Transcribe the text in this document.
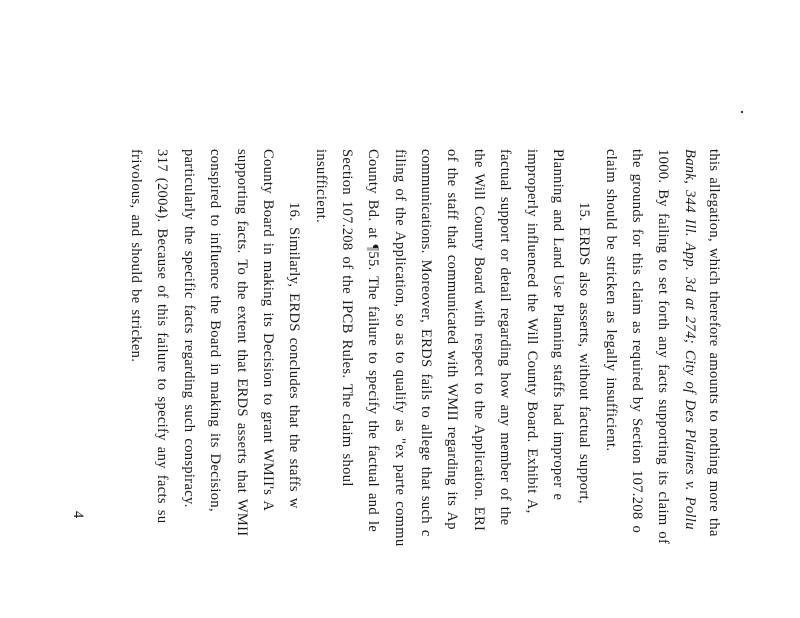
this allegation, which therefore amounts to nothing more tha
Bank, 344 Ill. App. 3d at 274; City of Des Plaines v. Pollu
1000. By failing to set forth any facts supporting its claim of
the grounds for this claim as required by Section 107.208 o
claim should be stricken as legally insufficient.
15. ERDS also asserts, without factual support,
Planning and Land Use Planning staffs had improper e
improperly influenced the Will County Board. Exhibit A,
factual support or detail regarding how any member of the
the Will County Board with respect to the Application. ERI
of the staff that communicated with WMII regarding its Ap
communications. Moreover, ERDS fails to allege that such c
filing of the Application, so as to qualify as "ex parte commu
County Bd. at ¶55. The failure to specify the factual and le
Section 107.208 of the IPCB Rules. The claim shoul
insufficient.
16. Similarly, ERDS concludes that the staffs w
County Board in making its Decision to grant WMII's A
supporting facts. To the extent that ERDS asserts that WMII
conspired to influence the Board in making its Decision,
particularly the specific facts regarding such conspiracy.
317 (2004). Because of this failure to specify any facts su
frivolous, and should be stricken.
4
